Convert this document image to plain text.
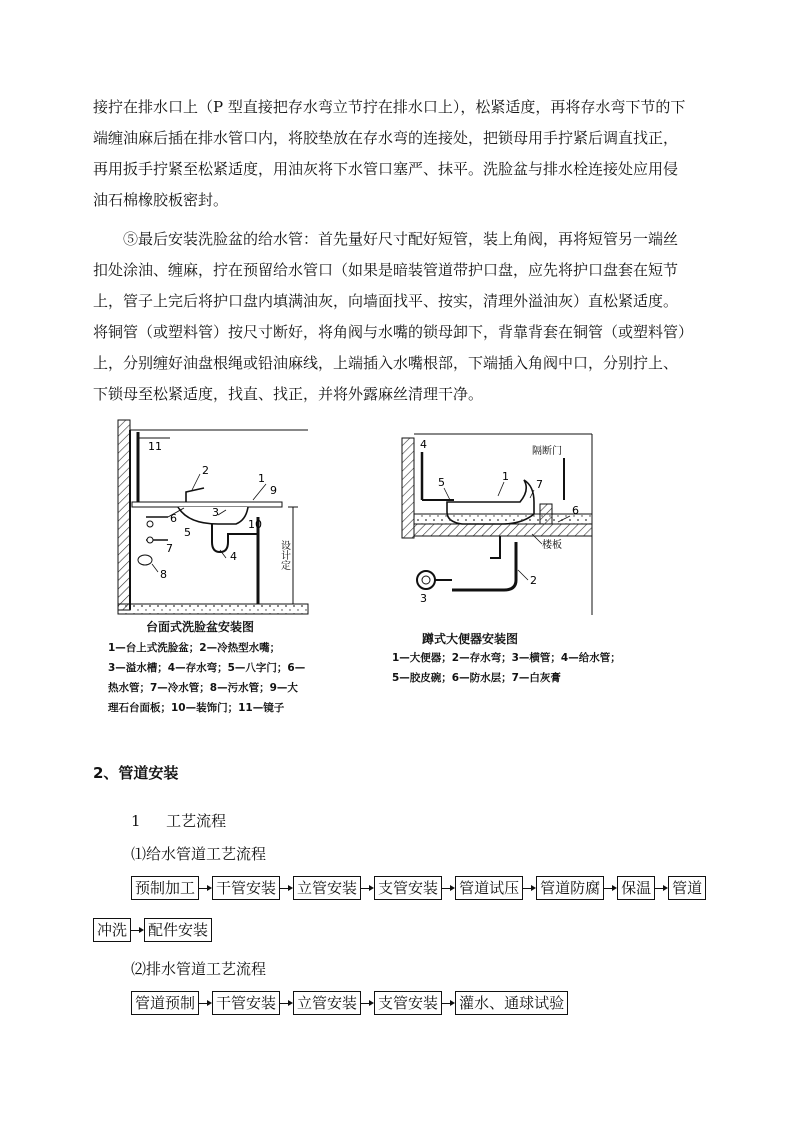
接拧在排水口上（P 型直接把存水弯立节拧在排水口上），松紧适度，再将存水弯下节的下
端缠油麻后插在排水管口内，将胶垫放在存水弯的连接处，把锁母用手拧紧后调直找正，
再用扳手拧紧至松紧适度，用油灰将下水管口塞严、抹平。洗脸盆与排水栓连接处应用侵
油石棉橡胶板密封。
⑤最后安装洗脸盆的给水管：首先量好尺寸配好短管，装上角阀，再将短管另一端丝
扣处涂油、缠麻，拧在预留给水管口（如果是暗装管道带护口盘，应先将护口盘套在短节
上，管子上完后将护口盘内填满油灰，向墙面找平、按实，清理外溢油灰）直松紧适度。
将铜管（或塑料管）按尺寸断好，将角阀与水嘴的锁母卸下，背靠背套在铜管（或塑料管）
上，分别缠好油盘根绳或铅油麻线，上端插入水嘴根部，下端插入角阀中口，分别拧上、
下锁母至松紧适度，找直、找正，并将外露麻丝清理干净。
11
2
1
9
3
6
5
7
4
10
8
设计定
台面式洗脸盆安装图
1—台上式洗脸盆；2—冷热型水嘴；
3—溢水槽；4—存水弯；5—八字门；6—
热水管；7—冷水管；8—污水管；9—大
理石台面板；10—装饰门；11—镜子
4
5	1
7
6
2
3
隔断门
楼板
蹲式大便器安装图
1—大便器；2—存水弯；3—横管；4—给水管；
5—胶皮碗；6—防水层；7—白灰膏
2、管道安装
1 工艺流程
⑴给水管道工艺流程
预制加工 干管安装 立管安装 支管安装 管道试压 管道防腐 保温 管道
冲洗 配件安装
⑵排水管道工艺流程
管道预制 干管安装 立管安装 支管安装 灌水、通球试验
